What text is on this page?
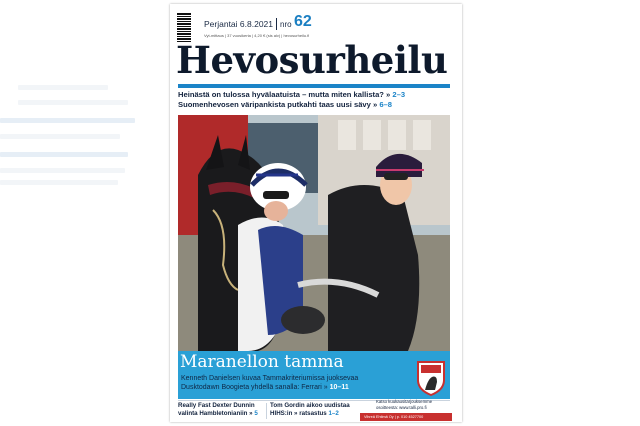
Perjantai 6.8.2021 nro 62
Vyt-mittaus | 37 vuosikerta | 4,20 € (sis alv) | hevosurheilu.fi
Hevosurheilu
Heinästä on tulossa hyvälaatuista – mutta miten kallista? » 2–3
Suomenhevosen väripankista putkahti taas uusi sävy » 6–8
Maranellon tamma
Kenneth Danielsen kuvaa Tammakriteriumissa juoksevaa
Dusktodawn Boogieta yhdellä sanalla: Ferrari » 10–11
Really Fast Dexter Dunnin
valinta Hambletonianiin » 5
Tom Gordin aikoo uudistaa
HIHS:in » ratsastus 1–2
Katso kuukausitarjouksemme
osoitteesta: www.talli.pro.fi
Vihreä Ehtimä Oy | p. 010 4527700
